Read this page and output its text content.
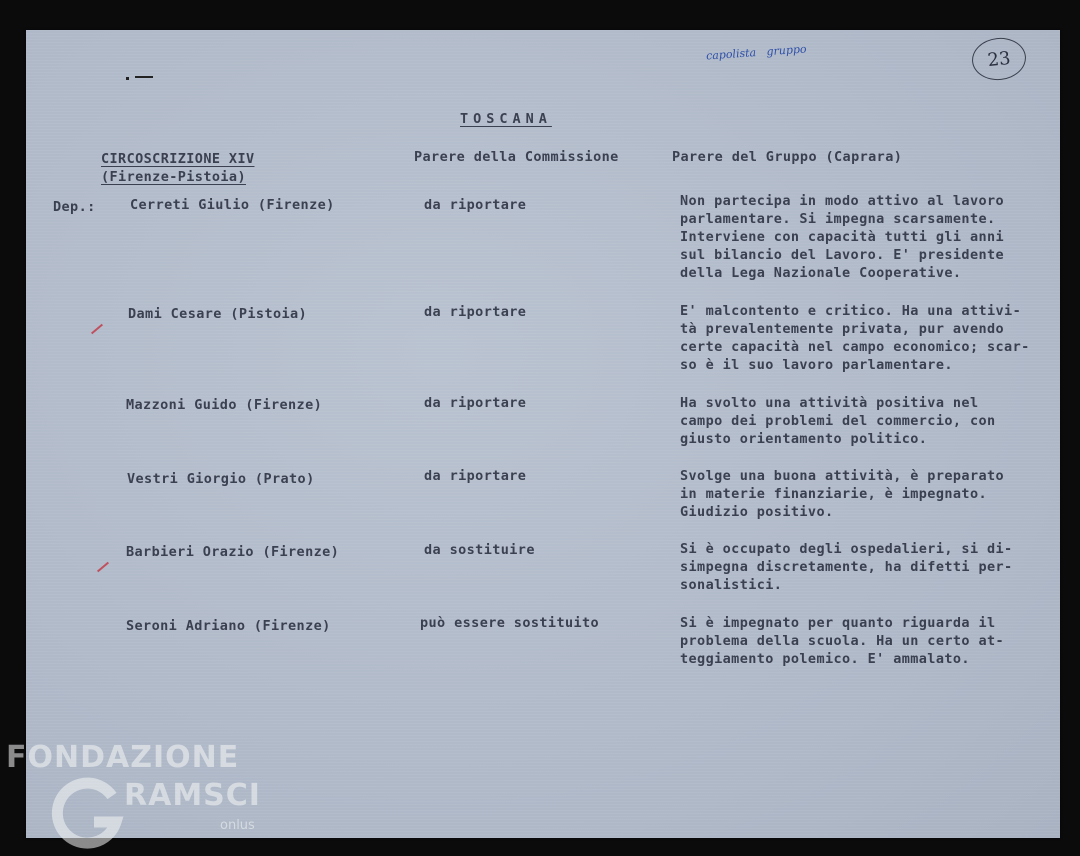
capolista   gruppo	23
TOSCANA
CIRCOSCRIZIONE XIV
(Firenze-Pistoia)
Parere della Commissione	Parere del Gruppo (Caprara)
Dep.:	Cerreti Giulio (Firenze)	da riportare	Non partecipa in modo attivo al lavoro
parlamentare. Si impegna scarsamente.
Interviene con capacità tutti gli anni
sul bilancio del Lavoro. E' presidente
della Lega Nazionale Cooperative.
Dami Cesare (Pistoia)	da riportare	E' malcontento e critico. Ha una attivi-
tà prevalentemente privata, pur avendo
certe capacità nel campo economico; scar-
so è il suo lavoro parlamentare.
Mazzoni Guido (Firenze)	da riportare	Ha svolto una attività positiva nel
campo dei problemi del commercio, con
giusto orientamento politico.
Vestri Giorgio (Prato)	da riportare	Svolge una buona attività, è preparato
in materie finanziarie, è impegnato.
Giudizio positivo.
Barbieri Orazio (Firenze)	da sostituire	Si è occupato degli ospedalieri, si di-
simpegna discretamente, ha difetti per-
sonalistici.
Seroni Adriano (Firenze)	può essere sostituito	Si è impegnato per quanto riguarda il
problema della scuola. Ha un certo at-
teggiamento polemico. E' ammalato.
FONDAZIONE
RAMSCI
onlus
